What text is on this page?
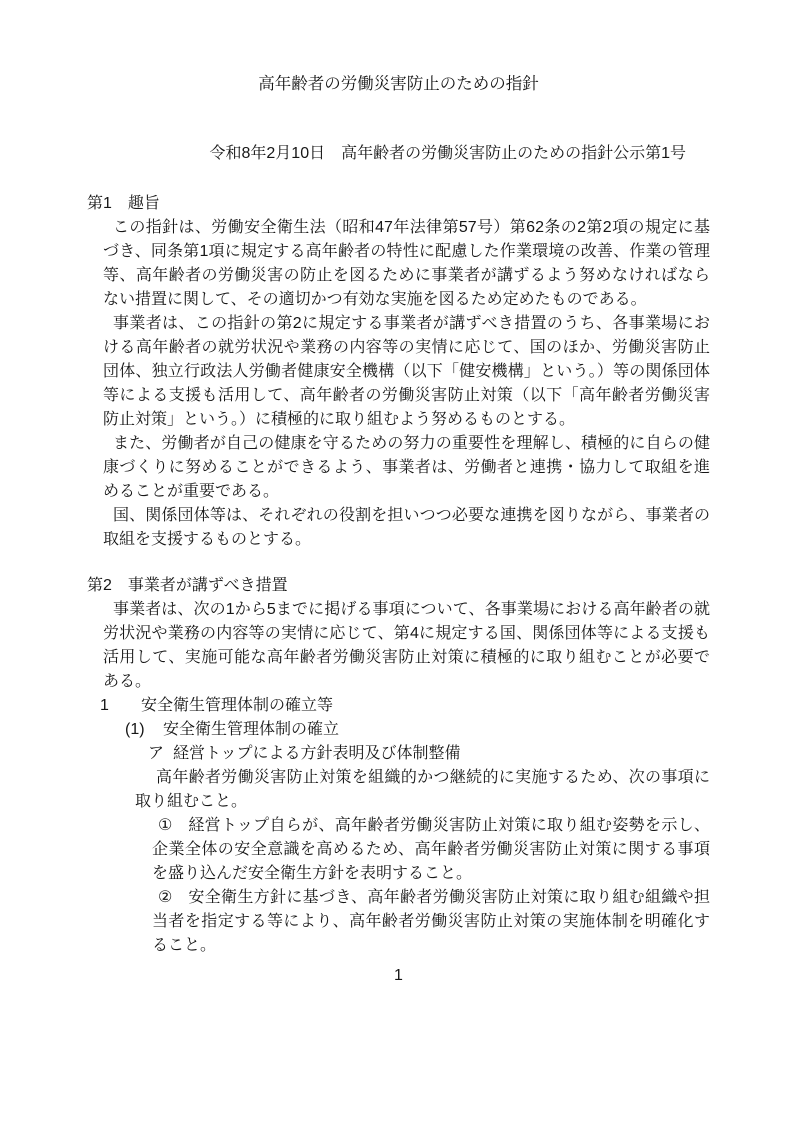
高年齢者の労働災害防止のための指針
令和8年2月10日　高年齢者の労働災害防止のための指針公示第1号
第1　趣旨
この指針は、労働安全衛生法（昭和47年法律第57号）第62条の2第2項の規定に基づき、同条第1項に規定する高年齢者の特性に配慮した作業環境の改善、作業の管理等、高年齢者の労働災害の防止を図るために事業者が講ずるよう努めなければならない措置に関して、その適切かつ有効な実施を図るため定めたものである。
事業者は、この指針の第2に規定する事業者が講ずべき措置のうち、各事業場における高年齢者の就労状況や業務の内容等の実情に応じて、国のほか、労働災害防止団体、独立行政法人労働者健康安全機構（以下「健安機構」という。）等の関係団体等による支援も活用して、高年齢者の労働災害防止対策（以下「高年齢者労働災害防止対策」という。）に積極的に取り組むよう努めるものとする。
また、労働者が自己の健康を守るための努力の重要性を理解し、積極的に自らの健康づくりに努めることができるよう、事業者は、労働者と連携・協力して取組を進めることが重要である。
国、関係団体等は、それぞれの役割を担いつつ必要な連携を図りながら、事業者の取組を支援するものとする。
第2　事業者が講ずべき措置
事業者は、次の1から5までに掲げる事項について、各事業場における高年齢者の就労状況や業務の内容等の実情に応じて、第4に規定する国、関係団体等による支援も活用して、実施可能な高年齢者労働災害防止対策に積極的に取り組むことが必要である。
1 安全衛生管理体制の確立等
(1) 安全衛生管理体制の確立
ア 経営トップによる方針表明及び体制整備
高年齢者労働災害防止対策を組織的かつ継続的に実施するため、次の事項に取り組むこと。
① 経営トップ自らが、高年齢者労働災害防止対策に取り組む姿勢を示し、企業全体の安全意識を高めるため、高年齢者労働災害防止対策に関する事項を盛り込んだ安全衛生方針を表明すること。
② 安全衛生方針に基づき、高年齢者労働災害防止対策に取り組む組織や担当者を指定する等により、高年齢者労働災害防止対策の実施体制を明確化すること。
1
